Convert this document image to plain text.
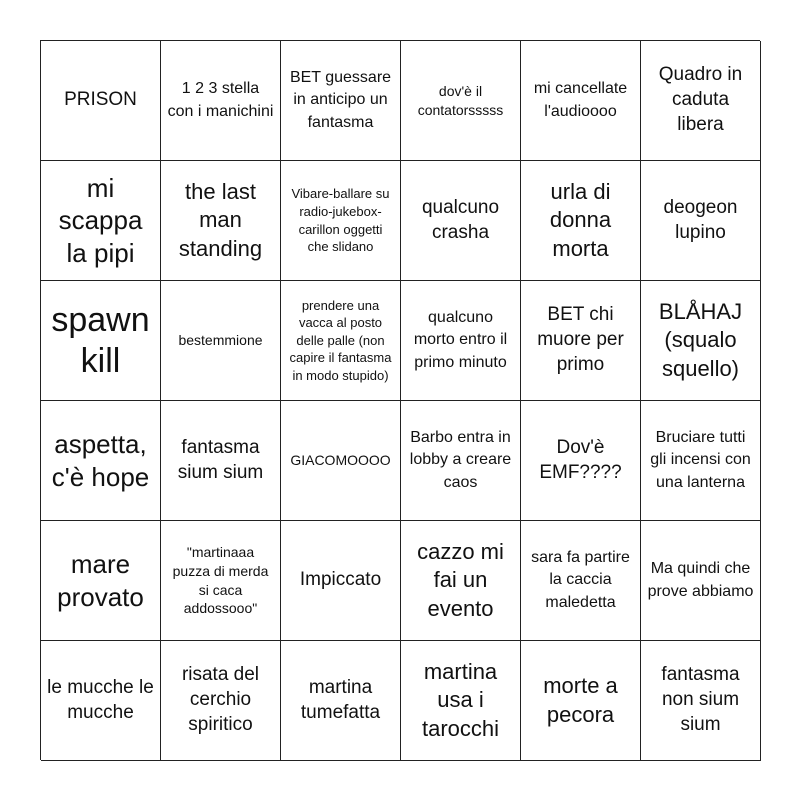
PRISON
1 2 3 stella con i manichini
BET guessare in anticipo un fantasma
dov'è il contatorsssss
mi cancellate l'audioooo
Quadro in caduta libera
mi scappa la pipi
the last man standing
Vibare-ballare su radio-jukebox-carillon oggetti che slidano
qualcuno crasha
urla di donna morta
deogeon lupino
spawn kill
bestemmione
prendere una vacca al posto delle palle (non capire il fantasma in modo stupido)
qualcuno morto entro il primo minuto
BET chi muore per primo
BLÅHAJ (squalo squello)
aspetta, c'è hope
fantasma sium sium
GIACOMOOOO
Barbo entra in lobby a creare caos
Dov'è EMF????
Bruciare tutti gli incensi con una lanterna
mare provato
"martinaaa puzza di merda si caca addossooo"
Impiccato
cazzo mi fai un evento
sara fa partire la caccia maledetta
Ma quindi che prove abbiamo
le mucche le mucche
risata del cerchio spiritico
martina tumefatta
martina usa i tarocchi
morte a pecora
fantasma non sium sium
